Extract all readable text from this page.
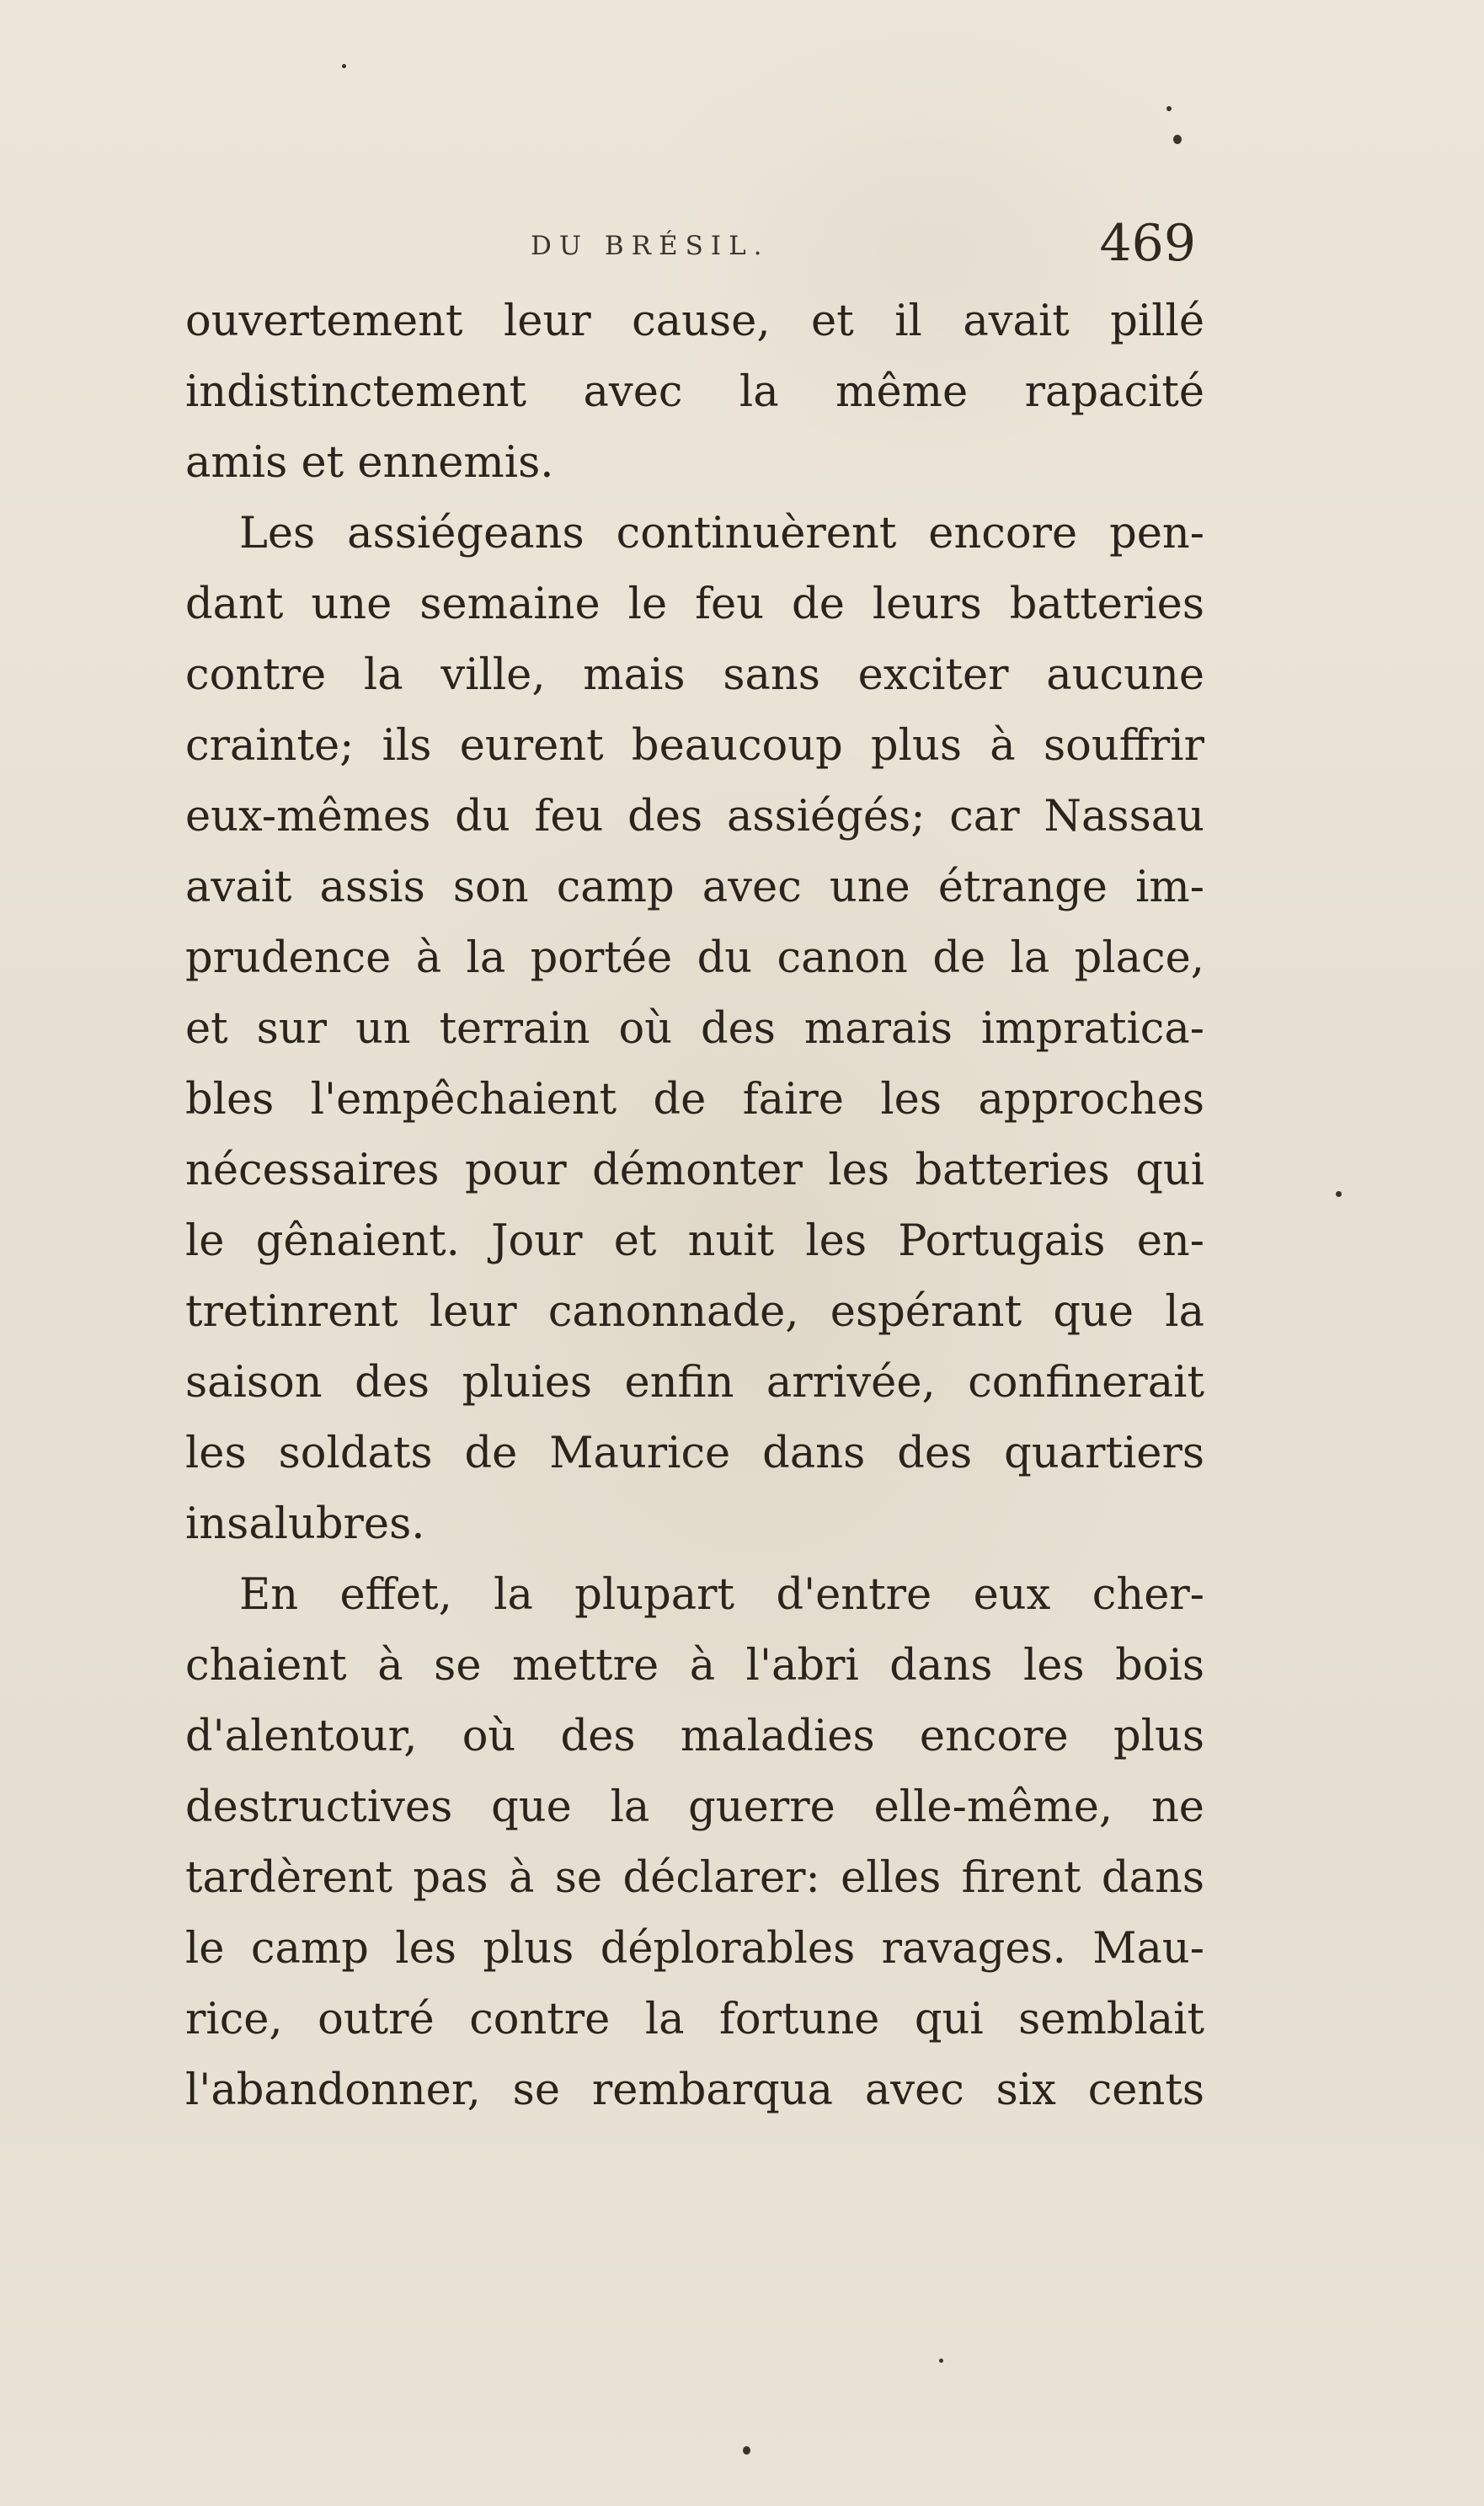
DU BRÉSIL.	469
ouvertement leur cause, et il avait pillé
indistinctement avec la même rapacité
amis et ennemis.
Les assiégeans continuèrent encore pen-
dant une semaine le feu de leurs batteries
contre la ville, mais sans exciter aucune
crainte; ils eurent beaucoup plus à souffrir
eux-mêmes du feu des assiégés; car Nassau
avait assis son camp avec une étrange im-
prudence à la portée du canon de la place,
et sur un terrain où des marais impratica-
bles l'empêchaient de faire les approches
nécessaires pour démonter les batteries qui
le gênaient. Jour et nuit les Portugais en-
tretinrent leur canonnade, espérant que la
saison des pluies enfin arrivée, confinerait
les soldats de Maurice dans des quartiers
insalubres.
En effet, la plupart d'entre eux cher-
chaient à se mettre à l'abri dans les bois
d'alentour, où des maladies encore plus
destructives que la guerre elle-même, ne
tardèrent pas à se déclarer: elles firent dans
le camp les plus déplorables ravages. Mau-
rice, outré contre la fortune qui semblait
l'abandonner, se rembarqua avec six cents
